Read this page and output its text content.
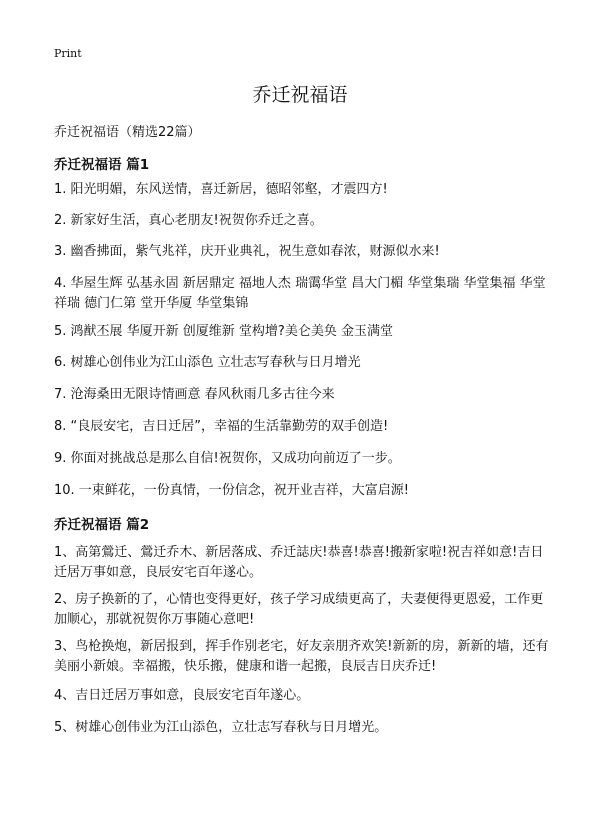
Print
乔迁祝福语
乔迁祝福语（精选22篇）
乔迁祝福语 篇1
1. 阳光明媚，东风送情，喜迁新居，德昭邻壑，才震四方!
2. 新家好生活，真心老朋友!祝贺你乔迁之喜。
3. 幽香拂面，紫气兆祥，庆开业典礼，祝生意如春浓，财源似水来!
4. 华屋生辉 弘基永固 新居鼎定 福地人杰 瑞霭华堂 昌大门楣 华堂集瑞 华堂集福 华堂祥瑞 德门仁第 堂开华厦 华堂集锦
5. 鸿猷丕展 华厦开新 创厦维新 堂构增?美仑美奂 金玉满堂
6. 树雄心创伟业为江山添色 立壮志写春秋与日月增光
7. 沧海桑田无限诗情画意 春风秋雨几多古往今来
8. “良辰安宅，吉日迁居”，幸福的生活靠勤劳的双手创造!
9. 你面对挑战总是那么自信!祝贺你，又成功向前迈了一步。
10. 一束鲜花，一份真情，一份信念，祝开业吉祥，大富启源!
乔迁祝福语 篇2
1、高第鶯迁、鶯迁乔木、新居落成、乔迁誌庆!恭喜!恭喜!搬新家啦!祝吉祥如意!吉日迁居万事如意，良辰安宅百年遂心。
2、房子换新的了，心情也变得更好，孩子学习成绩更高了，夫妻便得更恩爱，工作更加顺心，那就祝贺你万事随心意吧!
3、鸟枪换炮，新居报到，挥手作别老宅，好友亲朋齐欢笑!新新的房，新新的墙，还有美丽小新娘。幸福搬，快乐搬，健康和谐一起搬，良辰吉日庆乔迁!
4、吉日迁居万事如意，良辰安宅百年遂心。
5、树雄心创伟业为江山添色，立壮志写春秋与日月增光。
